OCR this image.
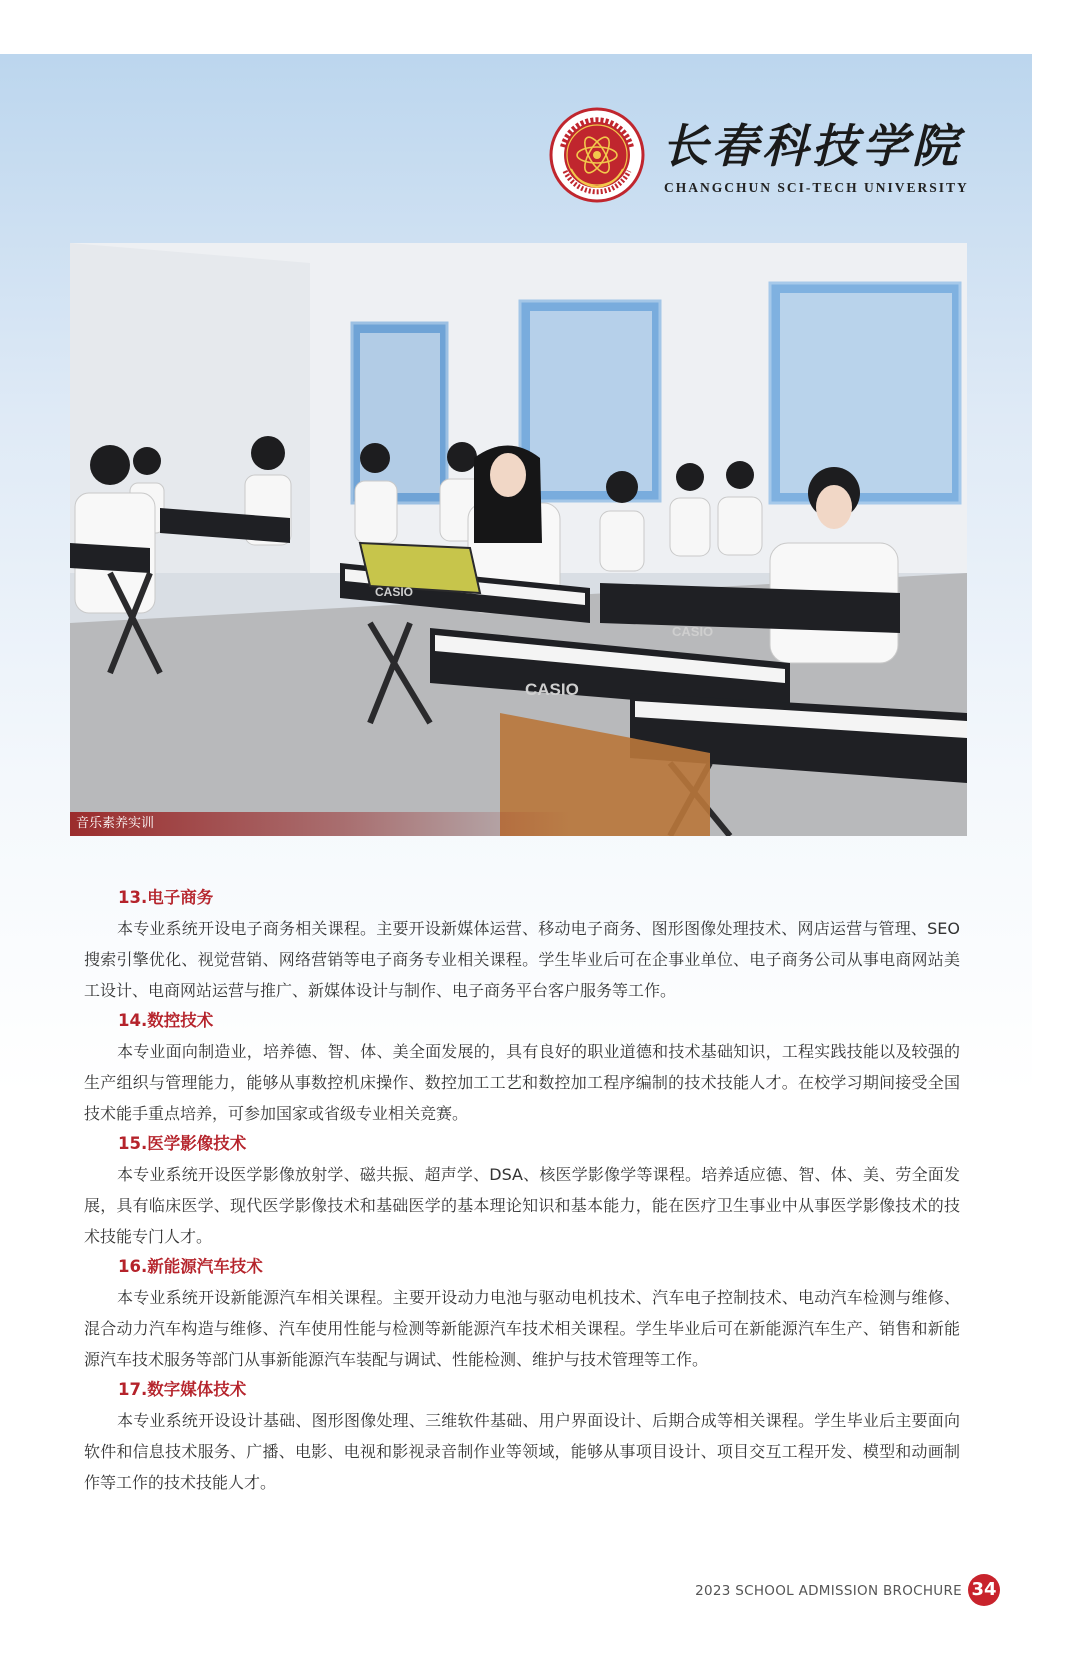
长春科技学院
CHANGCHUN SCI-TECH UNIVERSITY
CASIO
CASIO
CASIO
音乐素养实训
13.电子商务
本专业系统开设电子商务相关课程。主要开设新媒体运营、移动电子商务、图形图像处理技术、网店运营与管理、SEO搜索引擎优化、视觉营销、网络营销等电子商务专业相关课程。学生毕业后可在企事业单位、电子商务公司从事电商网站美工设计、电商网站运营与推广、新媒体设计与制作、电子商务平台客户服务等工作。
14.数控技术
本专业面向制造业，培养德、智、体、美全面发展的，具有良好的职业道德和技术基础知识，工程实践技能以及较强的生产组织与管理能力，能够从事数控机床操作、数控加工工艺和数控加工程序编制的技术技能人才。在校学习期间接受全国技术能手重点培养，可参加国家或省级专业相关竞赛。
15.医学影像技术
本专业系统开设医学影像放射学、磁共振、超声学、DSA、核医学影像学等课程。培养适应德、智、体、美、劳全面发展，具有临床医学、现代医学影像技术和基础医学的基本理论知识和基本能力，能在医疗卫生事业中从事医学影像技术的技术技能专门人才。
16.新能源汽车技术
本专业系统开设新能源汽车相关课程。主要开设动力电池与驱动电机技术、汽车电子控制技术、电动汽车检测与维修、混合动力汽车构造与维修、汽车使用性能与检测等新能源汽车技术相关课程。学生毕业后可在新能源汽车生产、销售和新能源汽车技术服务等部门从事新能源汽车装配与调试、性能检测、维护与技术管理等工作。
17.数字媒体技术
本专业系统开设设计基础、图形图像处理、三维软件基础、用户界面设计、后期合成等相关课程。学生毕业后主要面向软件和信息技术服务、广播、电影、电视和影视录音制作业等领域，能够从事项目设计、项目交互工程开发、模型和动画制作等工作的技术技能人才。
2023 SCHOOL ADMISSION BROCHURE 34
